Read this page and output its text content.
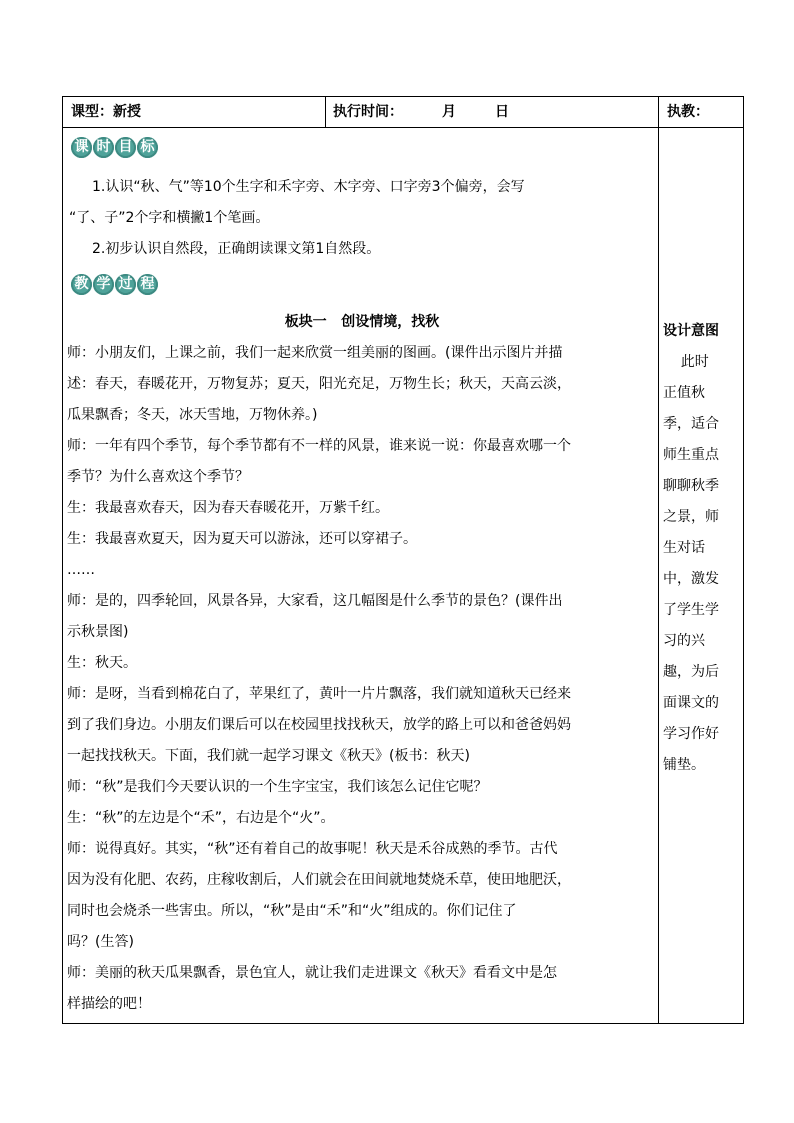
课型：新授	执行时间：        月        日	执教：
课 时 目 标
1.认识“秋、气”等10个生字和禾字旁、木字旁、口字旁3个偏旁，会写
“了、子”2个字和横撇1个笔画。
2.初步认识自然段，正确朗读课文第1自然段。
教 学 过 程
板块一   创设情境，找秋
师：小朋友们，上课之前，我们一起来欣赏一组美丽的图画。(课件出示图片并描
述：春天，春暖花开，万物复苏；夏天，阳光充足，万物生长；秋天，天高云淡，
瓜果飘香；冬天，冰天雪地，万物休养。)
师：一年有四个季节，每个季节都有不一样的风景，谁来说一说：你最喜欢哪一个
季节？为什么喜欢这个季节？
生：我最喜欢春天，因为春天春暖花开，万紫千红。
生：我最喜欢夏天，因为夏天可以游泳，还可以穿裙子。
……
师：是的，四季轮回，风景各异，大家看，这几幅图是什么季节的景色？(课件出
示秋景图)
生：秋天。
师：是呀，当看到棉花白了，苹果红了，黄叶一片片飘落，我们就知道秋天已经来
到了我们身边。小朋友们课后可以在校园里找找秋天，放学的路上可以和爸爸妈妈
一起找找秋天。下面，我们就一起学习课文《秋天》(板书：秋天)
师：“秋”是我们今天要认识的一个生字宝宝，我们该怎么记住它呢？
生：“秋”的左边是个“禾”，右边是个“火”。
师：说得真好。其实，“秋”还有着自己的故事呢！秋天是禾谷成熟的季节。古代
因为没有化肥、农药，庄稼收割后，人们就会在田间就地焚烧禾草，使田地肥沃，
同时也会烧杀一些害虫。所以，“秋”是由“禾”和“火”组成的。你们记住了
吗？(生答)
师：美丽的秋天瓜果飘香，景色宜人，就让我们走进课文《秋天》看看文中是怎
样描绘的吧！
设计意图
此时
正值秋
季，适合
师生重点
聊聊秋季
之景，师
生对话
中，激发
了学生学
习的兴
趣，为后
面课文的
学习作好
铺垫。
